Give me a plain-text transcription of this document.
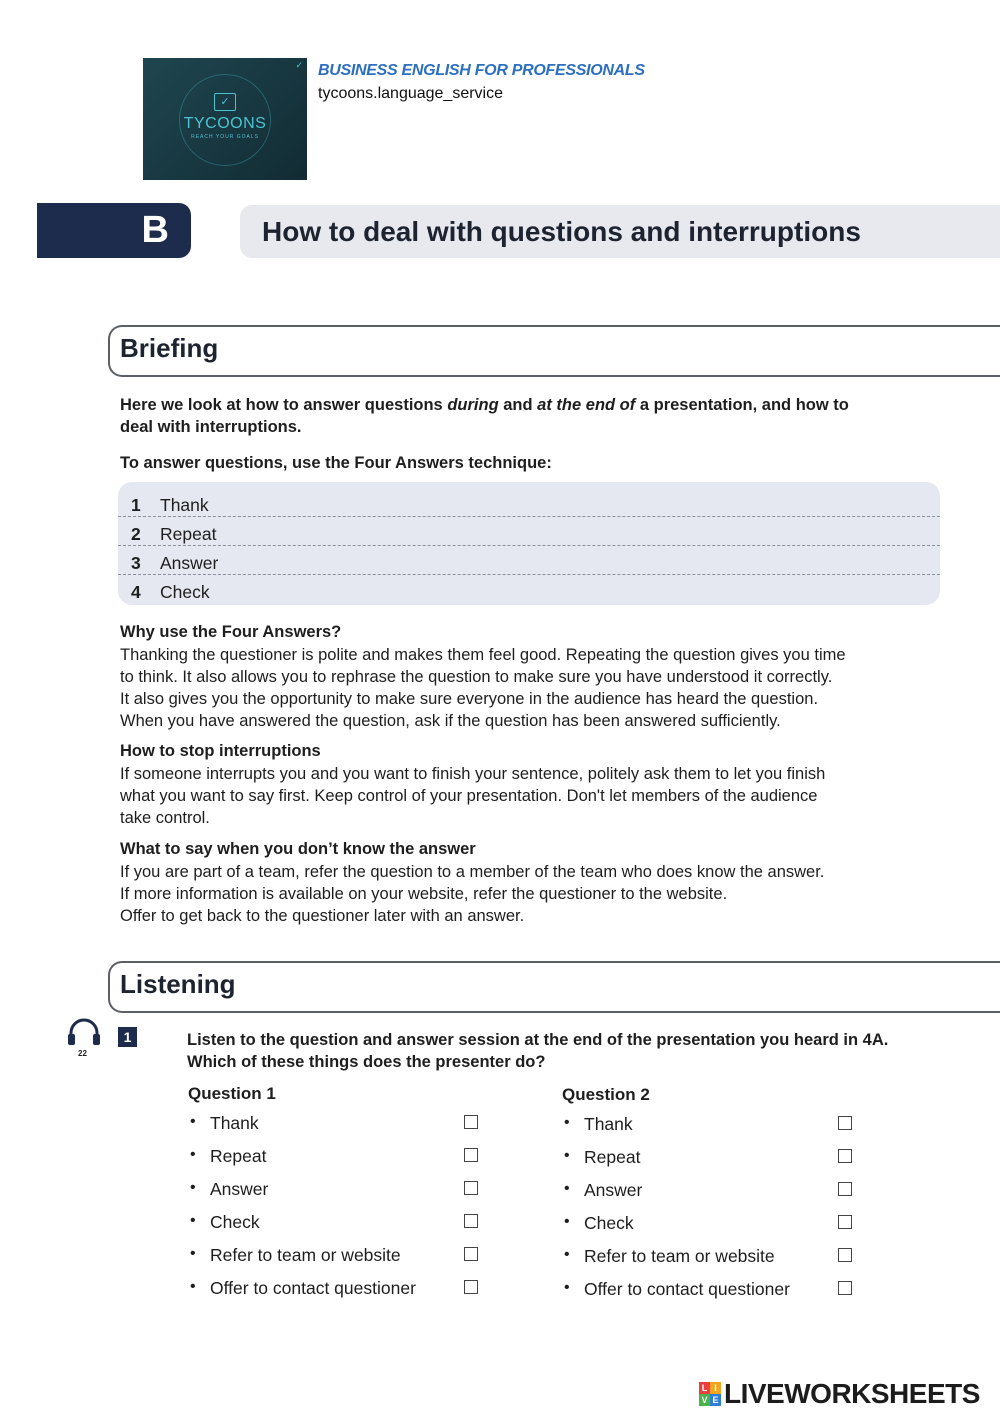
✓
✓
TYCOONS
REACH YOUR GOALS
BUSINESS ENGLISH FOR PROFESSIONALS
tycoons.language_service
B	How to deal with questions and interruptions
Briefing
Here we look at how to answer questions during and at the end of a presentation, and how to
deal with interruptions.
To answer questions, use the Four Answers technique:
1 Thank
2 Repeat
3 Answer
4 Check
Why use the Four Answers?
Thanking the questioner is polite and makes them feel good. Repeating the question gives you time
to think. It also allows you to rephrase the question to make sure you have understood it correctly.
It also gives you the opportunity to make sure everyone in the audience has heard the question.
When you have answered the question, ask if the question has been answered sufficiently.
How to stop interruptions
If someone interrupts you and you want to finish your sentence, politely ask them to let you finish
what you want to say first. Keep control of your presentation. Don't let members of the audience
take control.
What to say when you don’t know the answer
If you are part of a team, refer the question to a member of the team who does know the answer.
If more information is available on your website, refer the questioner to the website.
Offer to get back to the questioner later with an answer.
Listening
22
1	Listen to the question and answer session at the end of the presentation you heard in 4A.
Which of these things does the presenter do?
Question 1
• Thank
• Repeat
• Answer
• Check
• Refer to team or website
• Offer to contact questioner
Question 2
• Thank
• Repeat
• Answer
• Check
• Refer to team or website
• Offer to contact questioner
L I
V E LIVEWORKSHEETS
